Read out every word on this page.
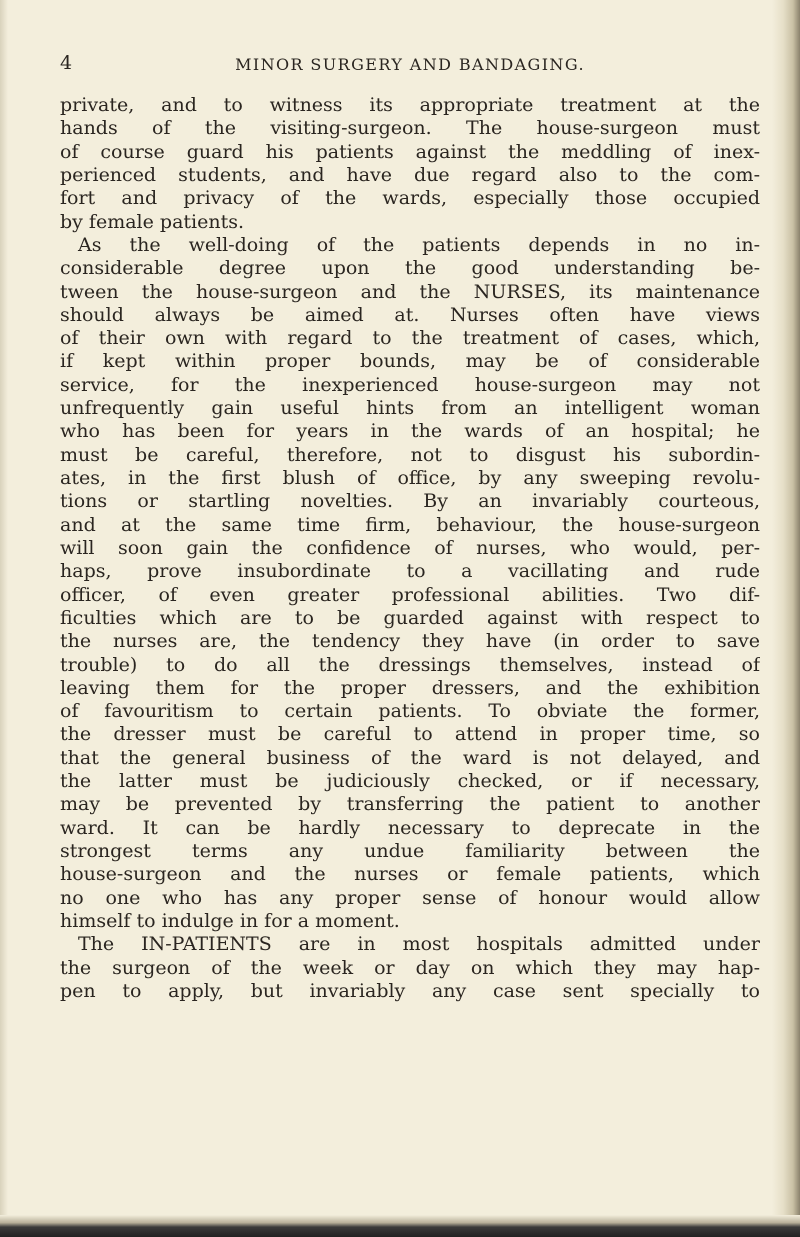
4	MINOR SURGERY AND BANDAGING.
private, and to witness its appropriate treatment at the
hands of the visiting-surgeon. The house-surgeon must
of course guard his patients against the meddling of inex-
perienced students, and have due regard also to the com-
fort and privacy of the wards, especially those occupied
by female patients.
As the well-doing of the patients depends in no in-
considerable degree upon the good understanding be-
tween the house-surgeon and the NURSES, its maintenance
should always be aimed at. Nurses often have views
of their own with regard to the treatment of cases, which,
if kept within proper bounds, may be of considerable
service, for the inexperienced house-surgeon may not
unfrequently gain useful hints from an intelligent woman
who has been for years in the wards of an hospital; he
must be careful, therefore, not to disgust his subordin-
ates, in the first blush of office, by any sweeping revolu-
tions or startling novelties. By an invariably courteous,
and at the same time firm, behaviour, the house-surgeon
will soon gain the confidence of nurses, who would, per-
haps, prove insubordinate to a vacillating and rude
officer, of even greater professional abilities. Two dif-
ficulties which are to be guarded against with respect to
the nurses are, the tendency they have (in order to save
trouble) to do all the dressings themselves, instead of
leaving them for the proper dressers, and the exhibition
of favouritism to certain patients. To obviate the former,
the dresser must be careful to attend in proper time, so
that the general business of the ward is not delayed, and
the latter must be judiciously checked, or if necessary,
may be prevented by transferring the patient to another
ward. It can be hardly necessary to deprecate in the
strongest terms any undue familiarity between the
house-surgeon and the nurses or female patients, which
no one who has any proper sense of honour would allow
himself to indulge in for a moment.
The IN-PATIENTS are in most hospitals admitted under
the surgeon of the week or day on which they may hap-
pen to apply, but invariably any case sent specially to
